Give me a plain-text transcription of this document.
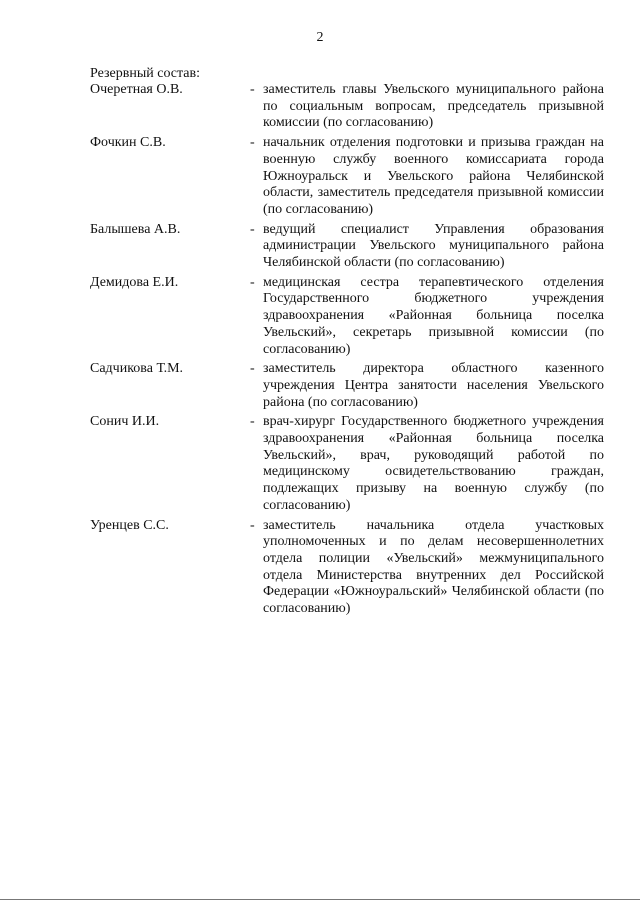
2
Резервный состав:
Очеретная О.В.	- заместитель главы Увельского муниципального района по социальным вопросам, председатель призывной комиссии (по согласованию)
Фочкин С.В.	- начальник отделения подготовки и призыва граждан на военную службу военного комиссариата города Южноуральск и Увельского района Челябинской области, заместитель председателя призывной комиссии (по согласованию)
Балышева А.В.	- ведущий специалист Управления образования администрации Увельского муниципального района Челябинской области (по согласованию)
Демидова Е.И.	- медицинская сестра терапевтического отделения Государственного бюджетного учреждения здравоохранения «Районная больница поселка Увельский», секретарь призывной комиссии (по согласованию)
Садчикова Т.М.	- заместитель директора областного казенного учреждения Центра занятости населения Увельского района (по согласованию)
Сонич И.И.	- врач-хирург Государственного бюджетного учреждения здравоохранения «Районная больница поселка Увельский», врач, руководящий работой по медицинскому освидетельствованию граждан, подлежащих призыву на военную службу (по согласованию)
Уренцев С.С.	- заместитель начальника отдела участковых уполномоченных и по делам несовершеннолетних отдела полиции «Увельский» межмуниципального отдела Министерства внутренних дел Российской Федерации «Южноуральский» Челябинской области (по согласованию)
